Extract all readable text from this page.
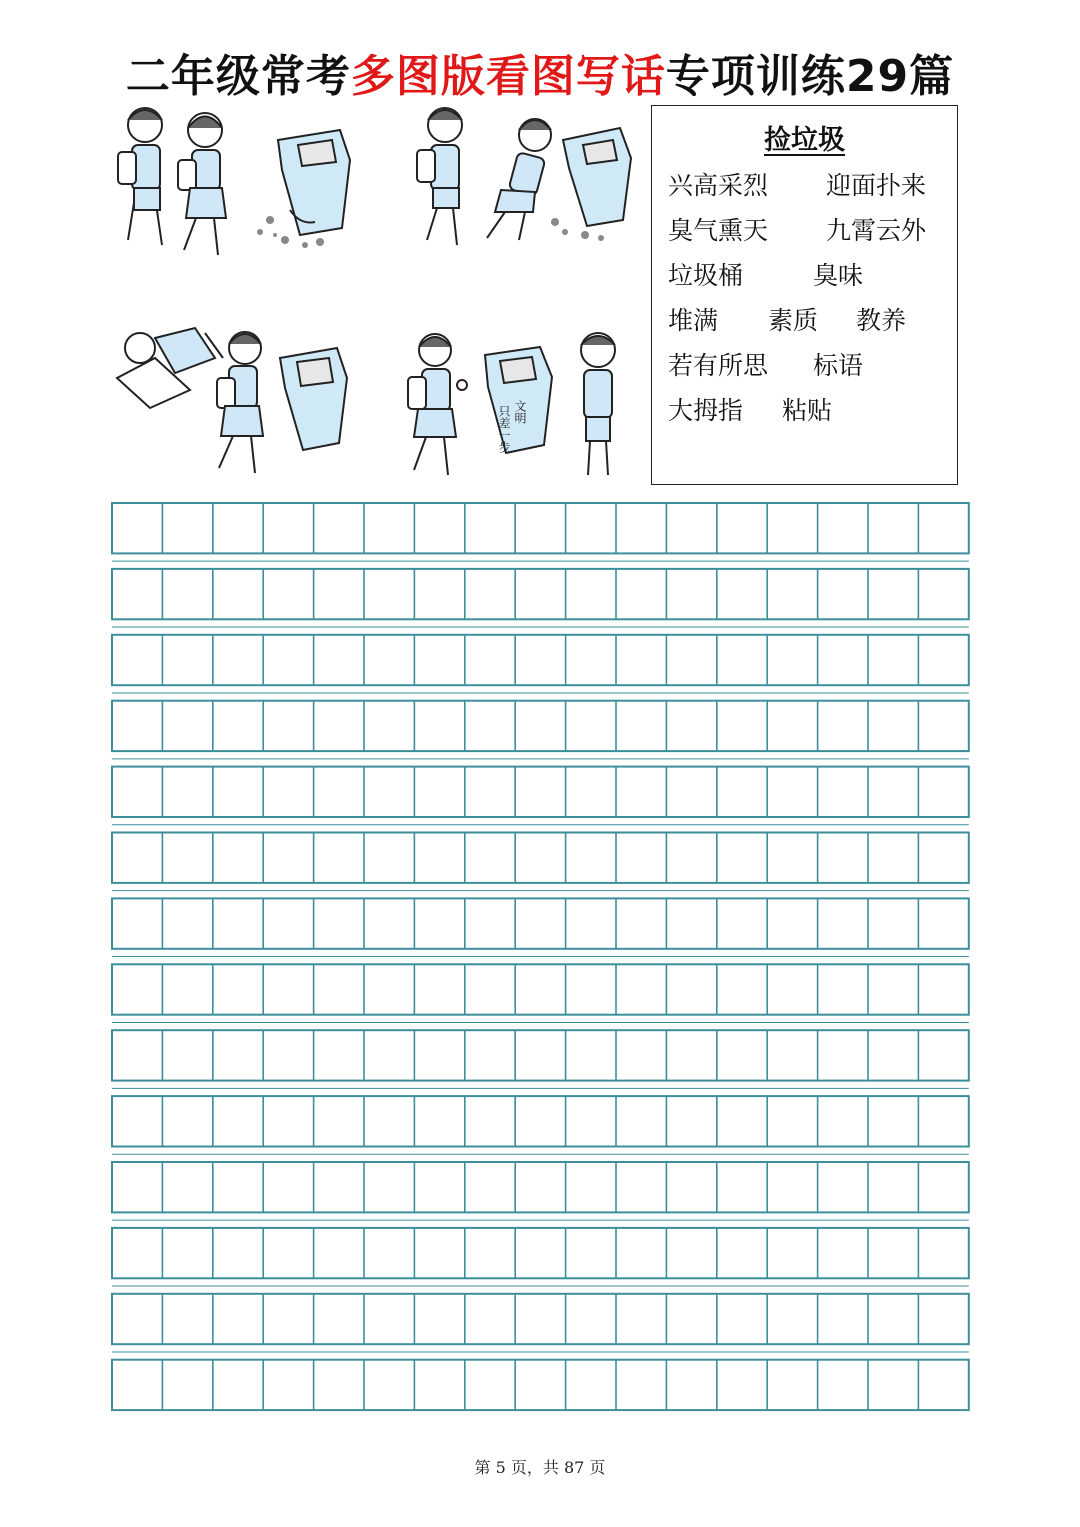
二年级常考多图版看图写话专项训练29篇
文明
只差一步
捡垃圾
兴高采烈 迎面扑来
臭气熏天 九霄云外
垃圾桶	臭味
堆满 素质 教养
若有所思 标语
大拇指 粘贴
第 5 页，共 87 页
